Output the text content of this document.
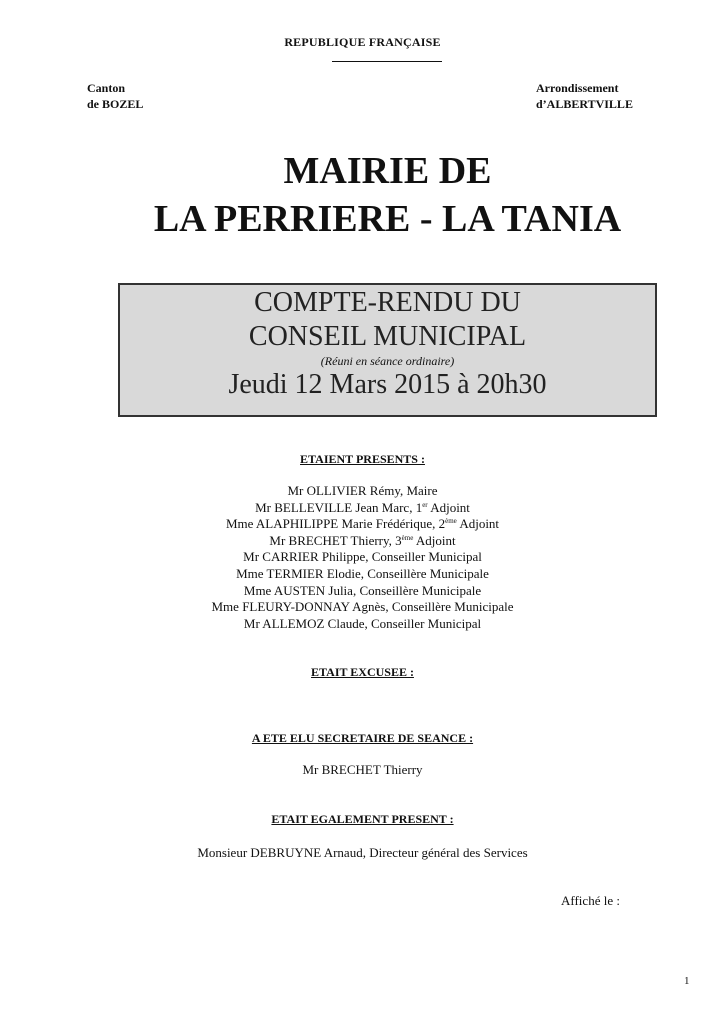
REPUBLIQUE FRANÇAISE
Canton
de BOZEL
Arrondissement
d’ALBERTVILLE
MAIRIE DE
LA PERRIERE - LA TANIA
COMPTE-RENDU DU
CONSEIL MUNICIPAL
(Réuni en séance ordinaire)
Jeudi 12 Mars 2015 à 20h30
ETAIENT PRESENTS :
Mr OLLIVIER Rémy, Maire
Mr BELLEVILLE Jean Marc, 1er Adjoint
Mme ALAPHILIPPE Marie Frédérique, 2ème Adjoint
Mr BRECHET Thierry, 3ème Adjoint
Mr CARRIER Philippe, Conseiller Municipal
Mme TERMIER Elodie, Conseillère Municipale
Mme AUSTEN Julia, Conseillère Municipale
Mme FLEURY-DONNAY Agnès, Conseillère Municipale
Mr ALLEMOZ Claude, Conseiller Municipal
ETAIT EXCUSEE :
A ETE ELU SECRETAIRE DE SEANCE :
Mr BRECHET Thierry
ETAIT EGALEMENT PRESENT :
Monsieur DEBRUYNE Arnaud, Directeur général des Services
Affiché le :
1
